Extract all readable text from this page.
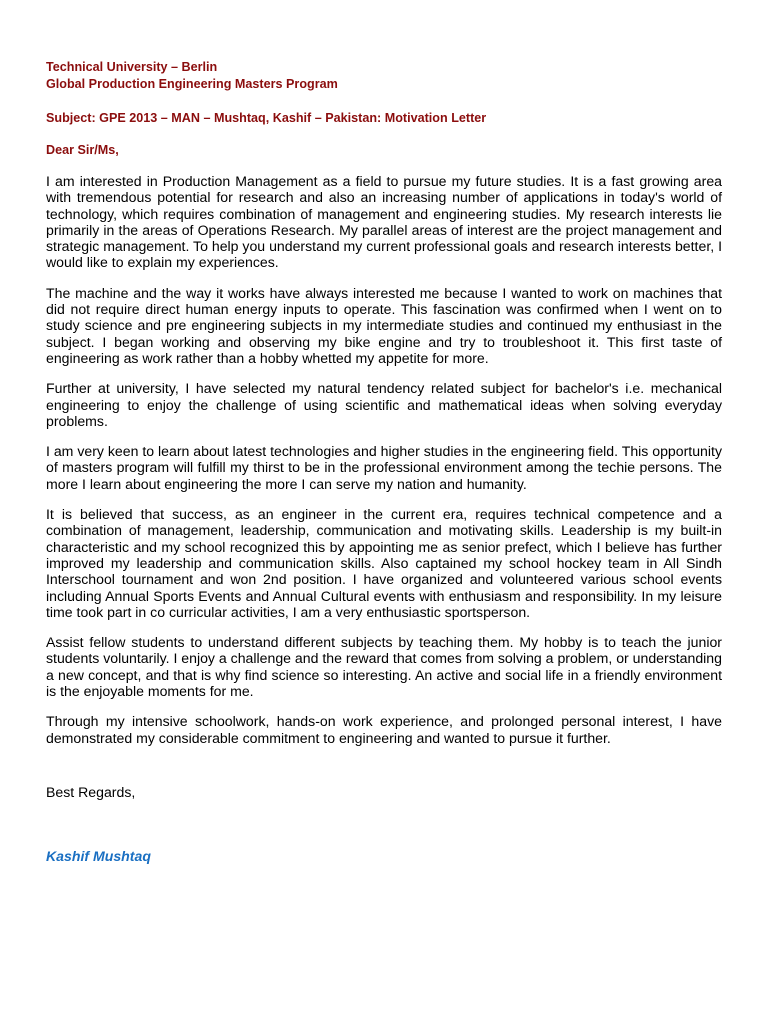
Technical University – Berlin

Global Production Engineering Masters Program

Subject: GPE 2013 – MAN – Mushtaq, Kashif – Pakistan: Motivation Letter

Dear Sir/Ms,

I am interested in Production Management as a field to pursue my future studies. It is a fast growing area with tremendous potential for research and also an increasing number of applications in today's world of technology, which requires combination of management and engineering studies. My research interests lie primarily in the areas of Operations Research. My parallel areas of interest are the project management and strategic management. To help you understand my current professional goals and research interests better, I would like to explain my experiences.

The machine and the way it works have always interested me because I wanted to work on machines that did not require direct human energy inputs to operate. This fascination was confirmed when I went on to study science and pre engineering subjects in my intermediate studies and continued my enthusiast in the subject. I began working and observing my bike engine and try to troubleshoot it. This first taste of engineering as work rather than a hobby whetted my appetite for more.

Further at university, I have selected my natural tendency related subject for bachelor's i.e. mechanical engineering to enjoy the challenge of using scientific and mathematical ideas when solving everyday problems.

I am very keen to learn about latest technologies and higher studies in the engineering field. This opportunity of masters program will fulfill my thirst to be in the professional environment among the techie persons. The more I learn about engineering the more I can serve my nation and humanity.

It is believed that success, as an engineer in the current era, requires technical competence and a combination of management, leadership, communication and motivating skills. Leadership is my built-in characteristic and my school recognized this by appointing me as senior prefect, which I believe has further improved my leadership and communication skills. Also captained my school hockey team in All Sindh Interschool tournament and won 2nd position. I have organized and volunteered various school events including Annual Sports Events and Annual Cultural events with enthusiasm and responsibility. In my leisure time took part in co curricular activities, I am a very enthusiastic sportsperson.

Assist fellow students to understand different subjects by teaching them. My hobby is to teach the junior students voluntarily. I enjoy a challenge and the reward that comes from solving a problem, or understanding a new concept, and that is why find science so interesting. An active and social life in a friendly environment is the enjoyable moments for me.

Through my intensive schoolwork, hands-on work experience, and prolonged personal interest, I have demonstrated my considerable commitment to engineering and wanted to pursue it further.

Best Regards,

Kashif Mushtaq
